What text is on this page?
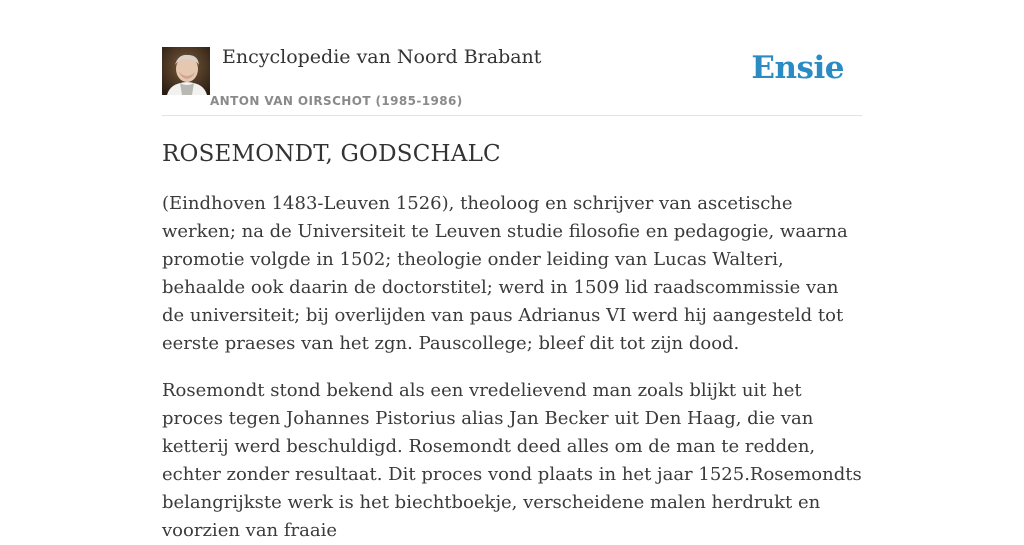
Encyclopedie van Noord Brabant
ANTON VAN OIRSCHOT (1985-1986)
Ensie
ROSEMONDT, GODSCHALC

(Eindhoven 1483-Leuven 1526), theoloog en schrijver van ascetische werken; na de Universiteit te Leuven studie filosofie en pedagogie, waarna promotie volgde in 1502; theologie onder leiding van Lucas Walteri, behaalde ook daarin de doctorstitel; werd in 1509 lid raadscommissie van de universiteit; bij overlijden van paus Adrianus VI werd hij aangesteld tot eerste praeses van het zgn. Pauscollege; bleef dit tot zijn dood.

Rosemondt stond bekend als een vredelievend man zoals blijkt uit het proces tegen Johannes Pistorius alias Jan Becker uit Den Haag, die van ketterij werd beschuldigd. Rosemondt deed alles om de man te redden, echter zonder resultaat. Dit proces vond plaats in het jaar 1525.Rosemondts belangrijkste werk is het biechtboekje, verscheidene malen herdrukt en voorzien van fraaie
